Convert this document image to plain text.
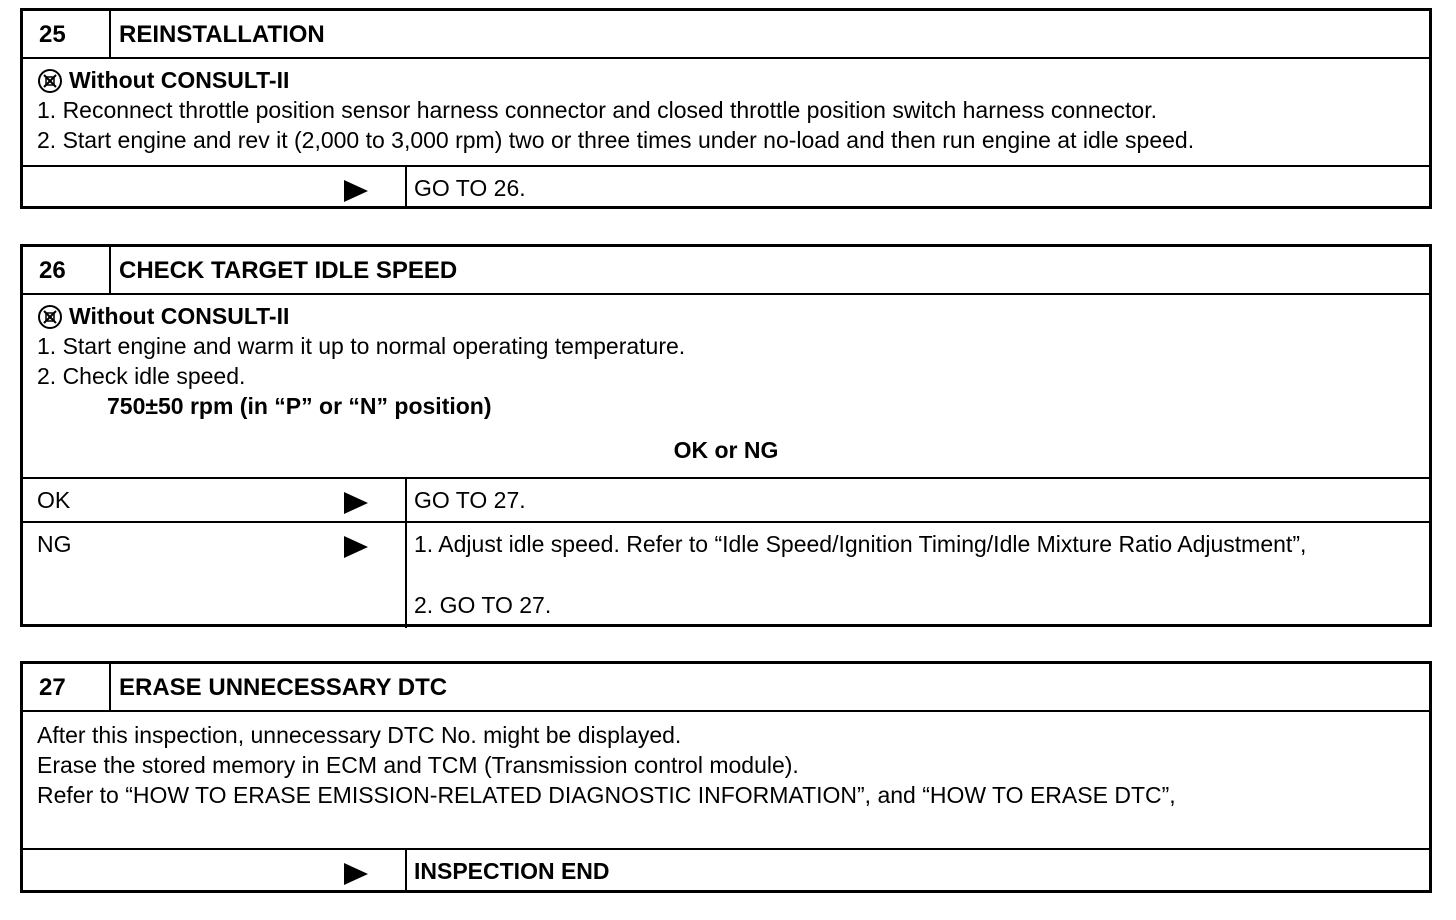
25	REINSTALLATION
Without CONSULT-II
1. Reconnect throttle position sensor harness connector and closed throttle position switch harness connector.
2. Start engine and rev it (2,000 to 3,000 rpm) two or three times under no-load and then run engine at idle speed.
GO TO 26.
26	CHECK TARGET IDLE SPEED
Without CONSULT-II
1. Start engine and warm it up to normal operating temperature.
2. Check idle speed.
750±50 rpm (in “P” or “N” position)
OK or NG
OK	GO TO 27.
NG	1. Adjust idle speed. Refer to “Idle Speed/Ignition Timing/Idle Mixture Ratio Adjustment”,
2. GO TO 27.
27	ERASE UNNECESSARY DTC
After this inspection, unnecessary DTC No. might be displayed.
Erase the stored memory in ECM and TCM (Transmission control module).
Refer to “HOW TO ERASE EMISSION-RELATED DIAGNOSTIC INFORMATION”, and “HOW TO ERASE DTC”,
INSPECTION END
